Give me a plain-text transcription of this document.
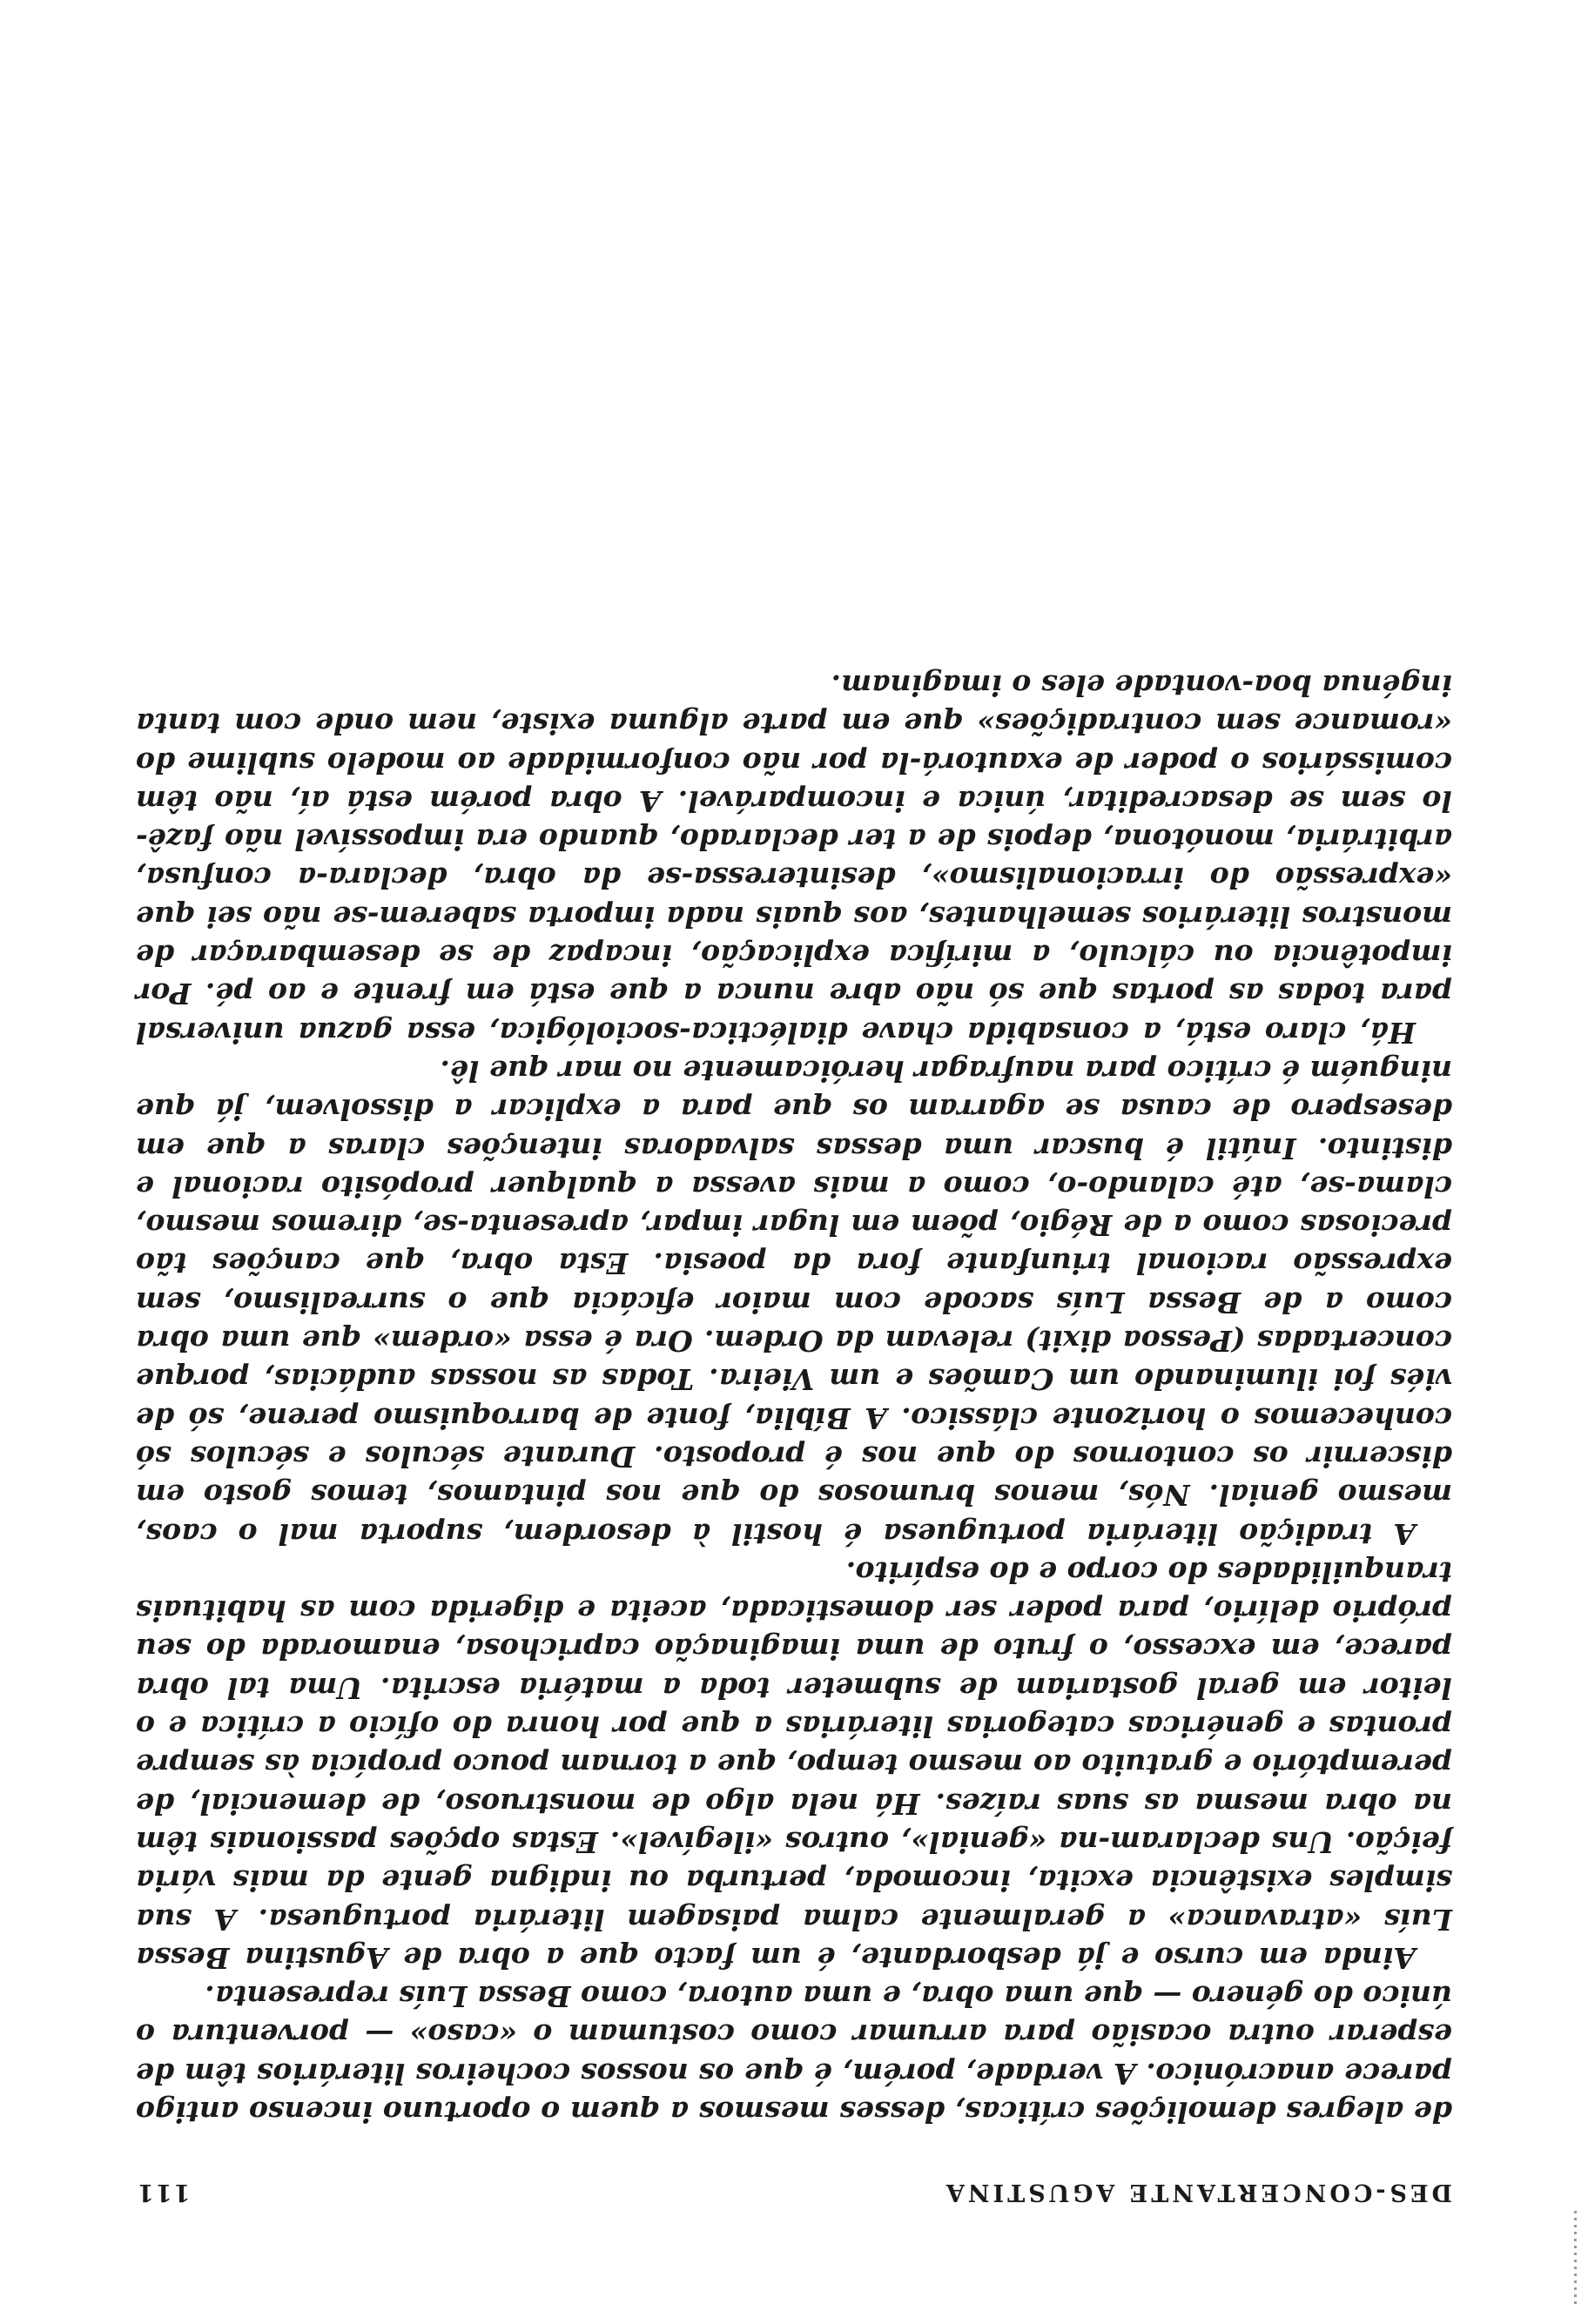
DES-CONCERTANTE AGUSTINA
111

de alegres demolições críticas, desses mesmos a quem o oportuno incenso antigo parece anacrónico. A verdade, porém, é que os nossos cocheiros literários têm de esperar outra ocasião para arrumar como costumam o «caso» — porventura o único do género — que uma obra, e uma autora, como Bessa Luís representa.

Ainda em curso e já desbordante, é um facto que a obra de Agustina Bessa Luís «atravanca» a geralmente calma paisagem literária portuguesa. A sua simples existência excita, incomoda, perturba ou indigna gente da mais vária feição. Uns declaram-na «genial», outros «ilegível». Estas opções passionais têm na obra mesma as suas raízes. Há nela algo de monstruoso, de demencial, de peremptório e gratuito ao mesmo tempo, que a tornam pouco propícia às sempre prontas e genéricas categorias literárias a que por honra do ofício a crítica e o leitor em geral gostariam de submeter toda a matéria escrita. Uma tal obra parece, em excesso, o fruto de uma imaginação caprichosa, enamorada do seu próprio delírio, para poder ser domesticada, aceita e digerida com as habituais tranquilidades do corpo e do espírito.

A tradição literária portuguesa é hostil à desordem, suporta mal o caos, mesmo genial. Nós, menos brumosos do que nos pintamos, temos gosto em discernir os contornos do que nos é proposto. Durante séculos e séculos só conhecemos o horizonte clássico. A Bíblia, fonte de barroquismo perene, só de viés foi iluminando um Camões e um Vieira. Todas as nossas audácias, porque concertadas (Pessoa dixit) relevam da Ordem. Ora é essa «ordem» que uma obra como a de Bessa Luís sacode com maior eficácia que o surrealismo, sem expressão racional triunfante fora da poesia. Esta obra, que canções tão preciosas como a de Régio, põem em lugar impar, apresenta-se, diremos mesmo, clama-se, até calando-o, como a mais avessa a qualquer propósito racional e distinto. Inútil é buscar uma dessas salvadoras intenções claras a que em desespero de causa se agarram os que para a explicar a dissolvem, já que ninguém é crítico para naufragar heróicamente no mar que lê.

Há, claro está, a consabida chave dialéctica-sociológica, essa gazua universal para todas as portas que só não abre nunca a que está em frente e ao pé. Por impotência ou cálculo, a mirífica explicação, incapaz de se desembaraçar de monstros literários semelhantes, aos quais nada importa saberem-se não sei que «expressão do irracionalismo», desinteressa-se da obra, declara-a confusa, arbitrária, monótona, depois de a ter declarado, quando era impossível não fazê-lo sem se desacreditar, única e incomparável. A obra porém está aí, não têm comissários o poder de exautorá-la por não conformidade ao modelo sublime do «romance sem contradições» que em parte alguma existe, nem onde com tanta ingénua boa-vontade eles o imaginam.
